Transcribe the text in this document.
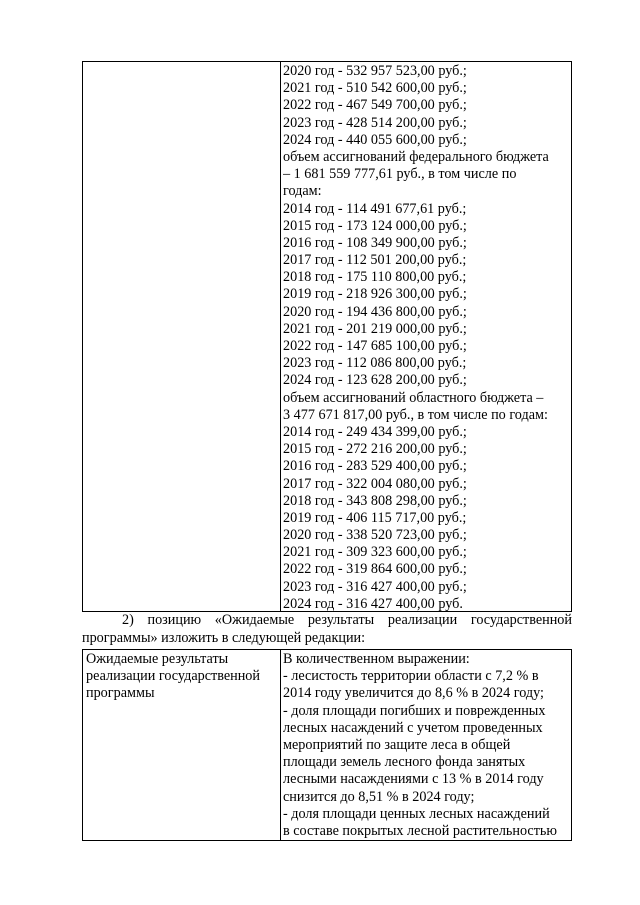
2020 год - 532 957 523,00 руб.;
2021 год - 510 542 600,00 руб.;
2022 год - 467 549 700,00 руб.;
2023 год - 428 514 200,00 руб.;
2024 год - 440 055 600,00 руб.;
объем ассигнований федерального бюджета
– 1 681 559 777,61 руб., в том числе по
годам:
2014 год - 114 491 677,61 руб.;
2015 год - 173 124 000,00 руб.;
2016 год - 108 349 900,00 руб.;
2017 год - 112 501 200,00 руб.;
2018 год - 175 110 800,00 руб.;
2019 год - 218 926 300,00 руб.;
2020 год - 194 436 800,00 руб.;
2021 год - 201 219 000,00 руб.;
2022 год - 147 685 100,00 руб.;
2023 год - 112 086 800,00 руб.;
2024 год - 123 628 200,00 руб.;
объем ассигнований областного бюджета –
3 477 671 817,00 руб., в том числе по годам:
2014 год - 249 434 399,00 руб.;
2015 год - 272 216 200,00 руб.;
2016 год - 283 529 400,00 руб.;
2017 год - 322 004 080,00 руб.;
2018 год - 343 808 298,00 руб.;
2019 год - 406 115 717,00 руб.;
2020 год - 338 520 723,00 руб.;
2021 год - 309 323 600,00 руб.;
2022 год - 319 864 600,00 руб.;
2023 год - 316 427 400,00 руб.;
2024 год - 316 427 400,00 руб.
2) позицию «Ожидаемые результаты реализации государственной
программы» изложить в следующей редакции:
Ожидаемые результаты
реализации государственной
программы
В количественном выражении:
- лесистость территории области с 7,2 % в
2014 году увеличится до 8,6 % в 2024 году;
- доля площади погибших и поврежденных
лесных насаждений с учетом проведенных
мероприятий по защите леса в общей
площади земель лесного фонда занятых
лесными насаждениями с 13 % в 2014 году
снизится до 8,51 % в 2024 году;
- доля площади ценных лесных насаждений
в составе покрытых лесной растительностью
